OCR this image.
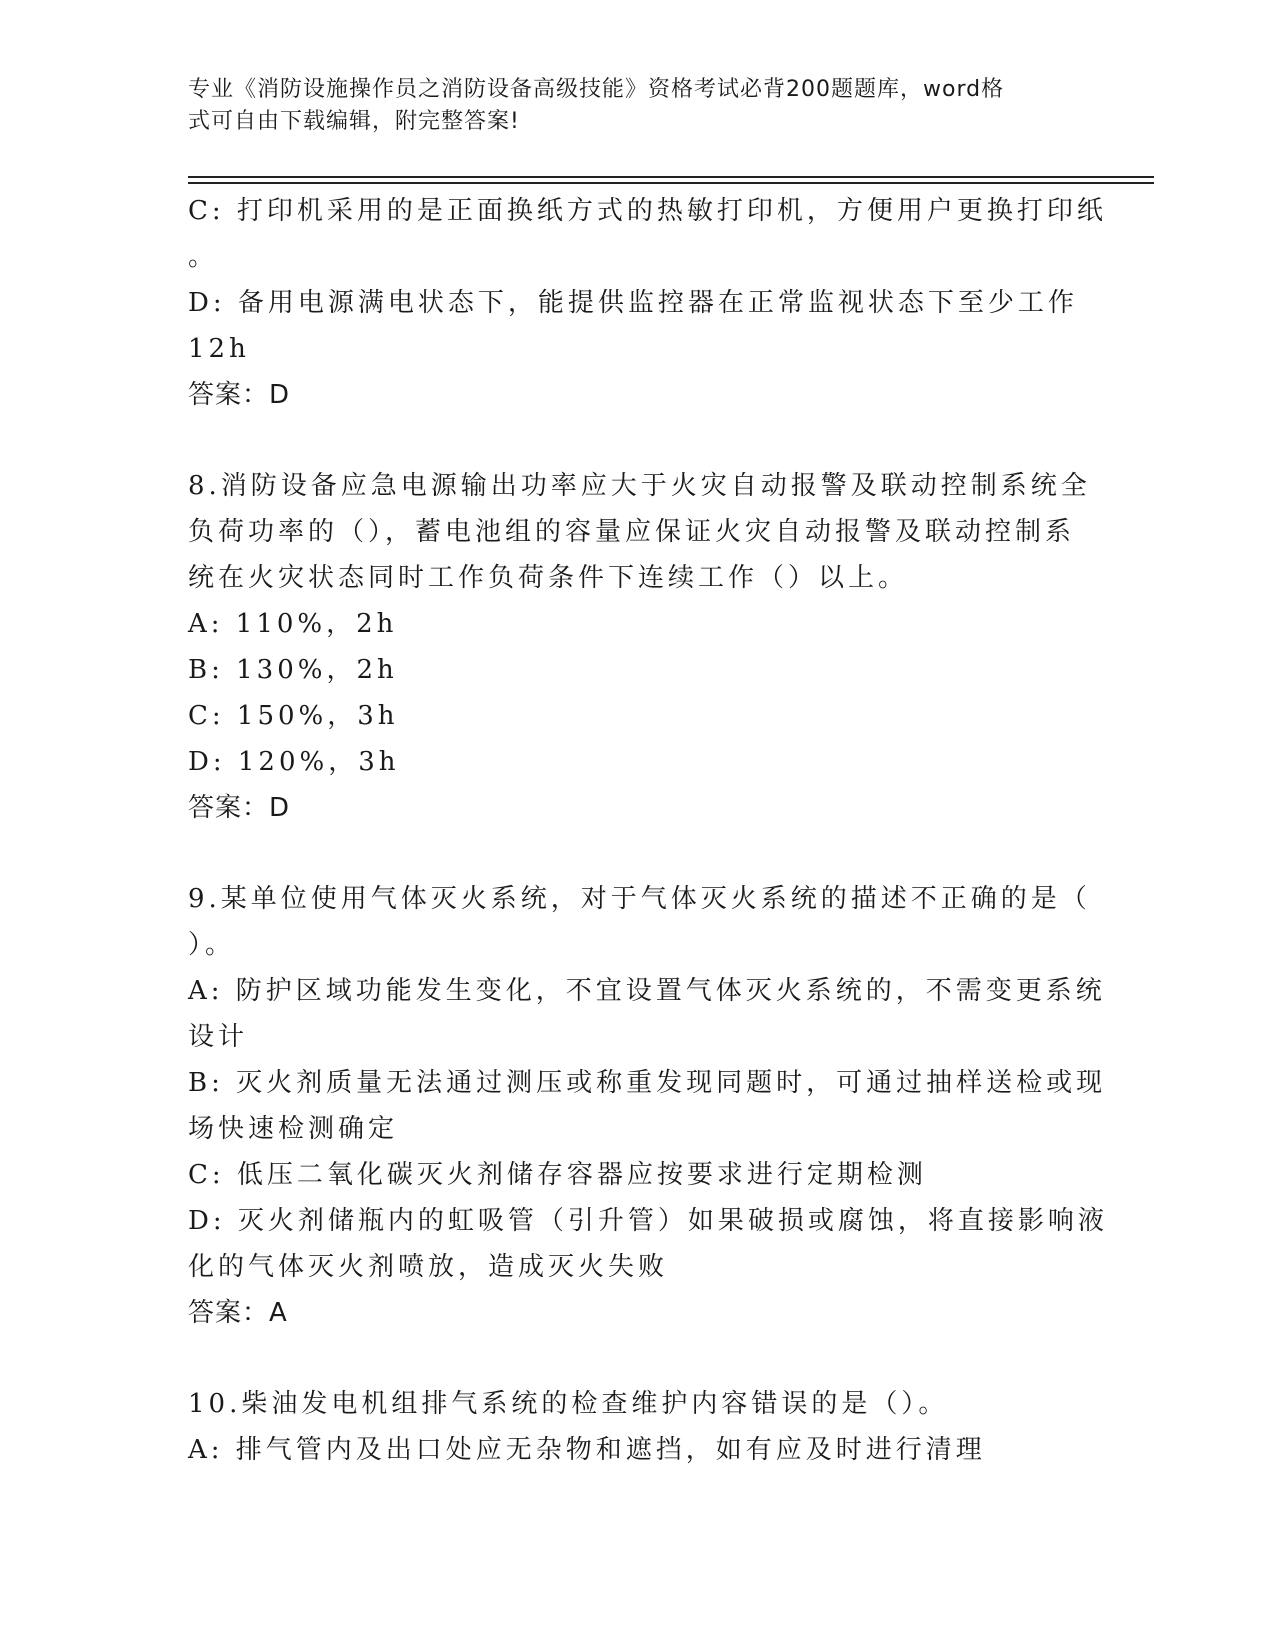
专业《消防设施操作员之消防设备高级技能》资格考试必背200题题库，word格
式可自由下载编辑，附完整答案!
C: 打印机采用的是正面换纸方式的热敏打印机，方便用户更换打印纸
。
D: 备用电源满电状态下，能提供监控器在正常监视状态下至少工作
12h
答案：D
8.消防设备应急电源输出功率应大于火灾自动报警及联动控制系统全
负荷功率的（），蓄电池组的容量应保证火灾自动报警及联动控制系
统在火灾状态同时工作负荷条件下连续工作（）以上。
A: 110%，2h
B: 130%，2h
C: 150%，3h
D: 120%，3h
答案：D
9.某单位使用气体灭火系统，对于气体灭火系统的描述不正确的是（
）。
A: 防护区域功能发生变化，不宜设置气体灭火系统的，不需变更系统
设计
B: 灭火剂质量无法通过测压或称重发现同题时，可通过抽样送检或现
场快速检测确定
C: 低压二氧化碳灭火剂储存容器应按要求进行定期检测
D: 灭火剂储瓶内的虹吸管（引升管）如果破损或腐蚀，将直接影响液
化的气体灭火剂喷放，造成灭火失败
答案：A
10.柴油发电机组排气系统的检查维护内容错误的是（）。
A: 排气管内及出口处应无杂物和遮挡，如有应及时进行清理
